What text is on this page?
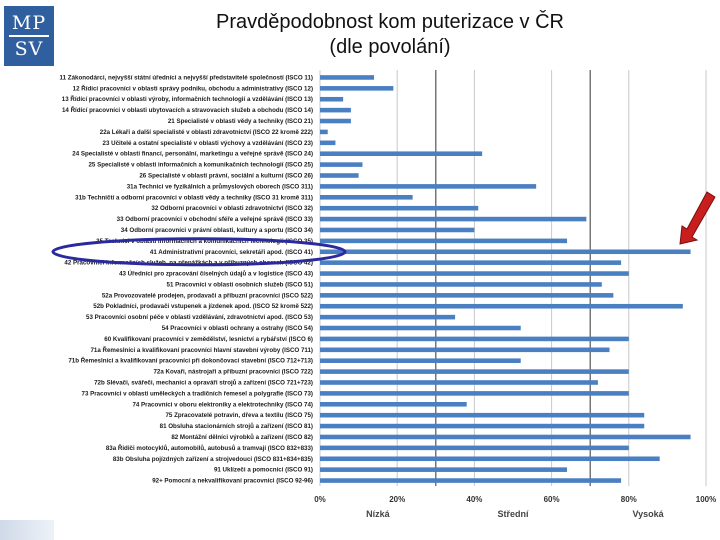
MP
SV
Pravděpodobnost kom puterizace v ČR
(dle povolání)
0%	20%	40%	60%	80%	100%
Nízká	Střední	Vysoká
11 Zákonodárci, nejvyšší státní úředníci a nejvyšší představitelé společností (ISCO 11)
12 Řídící pracovníci v oblasti správy podniku, obchodu a administrativy (ISCO 12)
13 Řídící pracovníci v oblasti výroby, informačních technologií a vzdělávání (ISCO 13)
14 Řídící pracovníci v oblasti ubytovacích a stravovacích služeb a obchodu (ISCO 14)
21 Specialisté v oblasti vědy a techniky (ISCO 21)
22a Lékaři a další specialisté v oblasti zdravotnictví (ISCO 22 kromě 222)
23 Učitelé a ostatní specialisté v oblasti výchovy a vzdělávání (ISCO 23)
24 Specialisté v oblasti financí, personální, marketingu a veřejné správě (ISCO 24)
25 Specialisté v oblasti informačních a komunikačních technologií (ISCO 25)
26 Specialisté v oblasti právní, sociální a kulturní (ISCO 26)
31a Technici ve fyzikálních a průmyslových oborech (ISCO 311)
31b Techničtí a odborní pracovníci v oblasti vědy a techniky (ISCO 31 kromě 311)
32 Odborní pracovníci v oblasti zdravotnictví (ISCO 32)
33 Odborní pracovníci v obchodní sféře a veřejné správě (ISCO 33)
34 Odborní pracovníci v právní oblasti, kultury a sportu (ISCO 34)
35 Technici v oblasti informačních a komunikačních technologií (ISCO 35)
41 Administrativní pracovníci, sekretáři apod. (ISCO 41)
42 Pracovníci informačních služeb, na přepážkách a v příbuzných oborech (ISCO 42)
43 Úředníci pro zpracování číselných údajů a v logistice (ISCO 43)
51 Pracovníci v oblasti osobních služeb (ISCO 51)
52a Provozovatelé prodejen, prodavači a příbuzní pracovníci (ISCO 522)
52b Pokladníci, prodavači vstupenek a jízdenek apod. (ISCO 52 kromě 522)
53 Pracovníci osobní péče v oblasti vzdělávání, zdravotnictví apod. (ISCO 53)
54 Pracovníci v oblasti ochrany a ostrahy (ISCO 54)
60 Kvalifikovaní pracovníci v zemědělství, lesnictví a rybářství (ISCO 6)
71a Řemeslníci a kvalifikovaní pracovníci hlavní stavební výroby (ISCO 711)
71b Řemeslníci a kvalifikovaní pracovníci při dokončovací stavební (ISCO 712+713)
72a Kovaři, nástrojaři a příbuzní pracovníci (ISCO 722)
72b Slévači, svářeči, mechanici a opraváři strojů a zařízení (ISCO 721+723)
73 Pracovníci v oblasti uměleckých a tradičních řemesel a polygrafie (ISCO 73)
74 Pracovníci v oboru elektroniky a elektrotechniky (ISCO 74)
75 Zpracovatelé potravin, dřeva a textilu (ISCO 75)
81 Obsluha stacionárních strojů a zařízení (ISCO 81)
82 Montážní dělníci výrobků a zařízení (ISCO 82)
83a Řidiči motocyklů, automobilů, autobusů a tramvají (ISCO 832+833)
83b Obsluha pojízdných zařízení a strojvedoucí (ISCO 831+834+835)
91 Uklízeči a pomocníci (ISCO 91)
92+ Pomocní a nekvalifikovaní pracovníci (ISCO 92-96)
